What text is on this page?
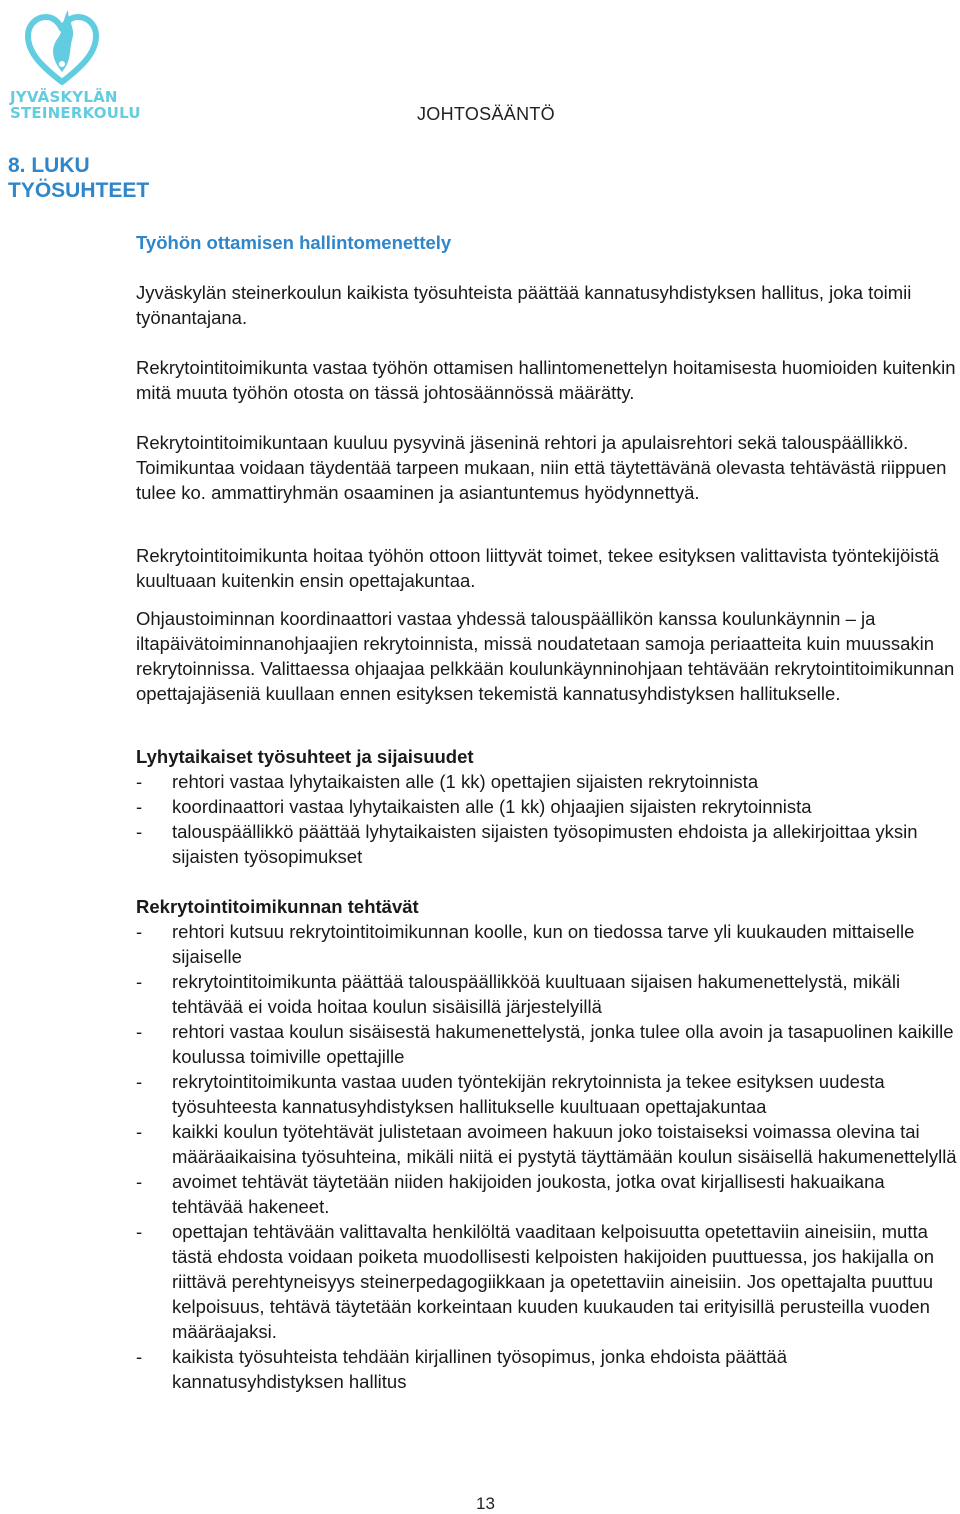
JYVÄSKYLÄN
STEINERKOULU	JOHTOSÄÄNTÖ
8. LUKU
TYÖSUHTEET
Työhön ottamisen hallintomenettely

Jyväskylän steinerkoulun kaikista työsuhteista päättää kannatusyhdistyksen hallitus, joka toimii työnantajana.

Rekrytointitoimikunta vastaa työhön ottamisen hallintomenettelyn hoitamisesta huomioiden kuitenkin mitä muuta työhön otosta on tässä johtosäännössä määrätty.

Rekrytointitoimikuntaan kuuluu pysyvinä jäseninä rehtori ja apulaisrehtori sekä talouspäällikkö. Toimikuntaa voidaan täydentää tarpeen mukaan, niin että täytettävänä olevasta tehtävästä riippuen tulee ko. ammattiryhmän osaaminen ja asiantuntemus hyödynnettyä.

Rekrytointitoimikunta hoitaa työhön ottoon liittyvät toimet, tekee esityksen valittavista työntekijöistä kuultuaan kuitenkin ensin opettajakuntaa.

Ohjaustoiminnan koordinaattori vastaa yhdessä talouspäällikön kanssa koulunkäynnin – ja iltapäivätoiminnanohjaajien rekrytoinnista, missä noudatetaan samoja periaatteita kuin muussakin rekrytoinnissa. Valittaessa ohjaajaa pelkkään koulunkäynninohjaan tehtävään rekrytointitoimikunnan opettajajäseniä kuullaan ennen esityksen tekemistä kannatusyhdistyksen hallitukselle.

Lyhytaikaiset työsuhteet ja sijaisuudet
- rehtori vastaa lyhytaikaisten alle (1 kk) opettajien sijaisten rekrytoinnista
- koordinaattori vastaa lyhytaikaisten alle (1 kk) ohjaajien sijaisten rekrytoinnista
- talouspäällikkö päättää lyhytaikaisten sijaisten työsopimusten ehdoista ja allekirjoittaa yksin sijaisten työsopimukset
Rekrytointitoimikunnan tehtävät
- rehtori kutsuu rekrytointitoimikunnan koolle, kun on tiedossa tarve yli kuukauden mittaiselle sijaiselle
- rekrytointitoimikunta päättää talouspäällikköä kuultuaan sijaisen hakumenettelystä, mikäli tehtävää ei voida hoitaa koulun sisäisillä järjestelyillä
- rehtori vastaa koulun sisäisestä hakumenettelystä, jonka tulee olla avoin ja tasapuolinen kaikille koulussa toimiville opettajille
- rekrytointitoimikunta vastaa uuden työntekijän rekrytoinnista ja tekee esityksen uudesta työsuhteesta kannatusyhdistyksen hallitukselle kuultuaan opettajakuntaa
- kaikki koulun työtehtävät julistetaan avoimeen hakuun joko toistaiseksi voimassa olevina tai määräaikaisina työsuhteina, mikäli niitä ei pystytä täyttämään koulun sisäisellä hakumenettelyllä
- avoimet tehtävät täytetään niiden hakijoiden joukosta, jotka ovat kirjallisesti hakuaikana tehtävää hakeneet.
- opettajan tehtävään valittavalta henkilöltä vaaditaan kelpoisuutta opetettaviin aineisiin, mutta tästä ehdosta voidaan poiketa muodollisesti kelpoisten hakijoiden puuttuessa, jos hakijalla on riittävä perehtyneisyys steinerpedagogiikkaan ja opetettaviin aineisiin. Jos opettajalta puuttuu kelpoisuus, tehtävä täytetään korkeintaan kuuden kuukauden tai erityisillä perusteilla vuoden määräajaksi.
- kaikista työsuhteista tehdään kirjallinen työsopimus, jonka ehdoista päättää kannatusyhdistyksen hallitus
13
